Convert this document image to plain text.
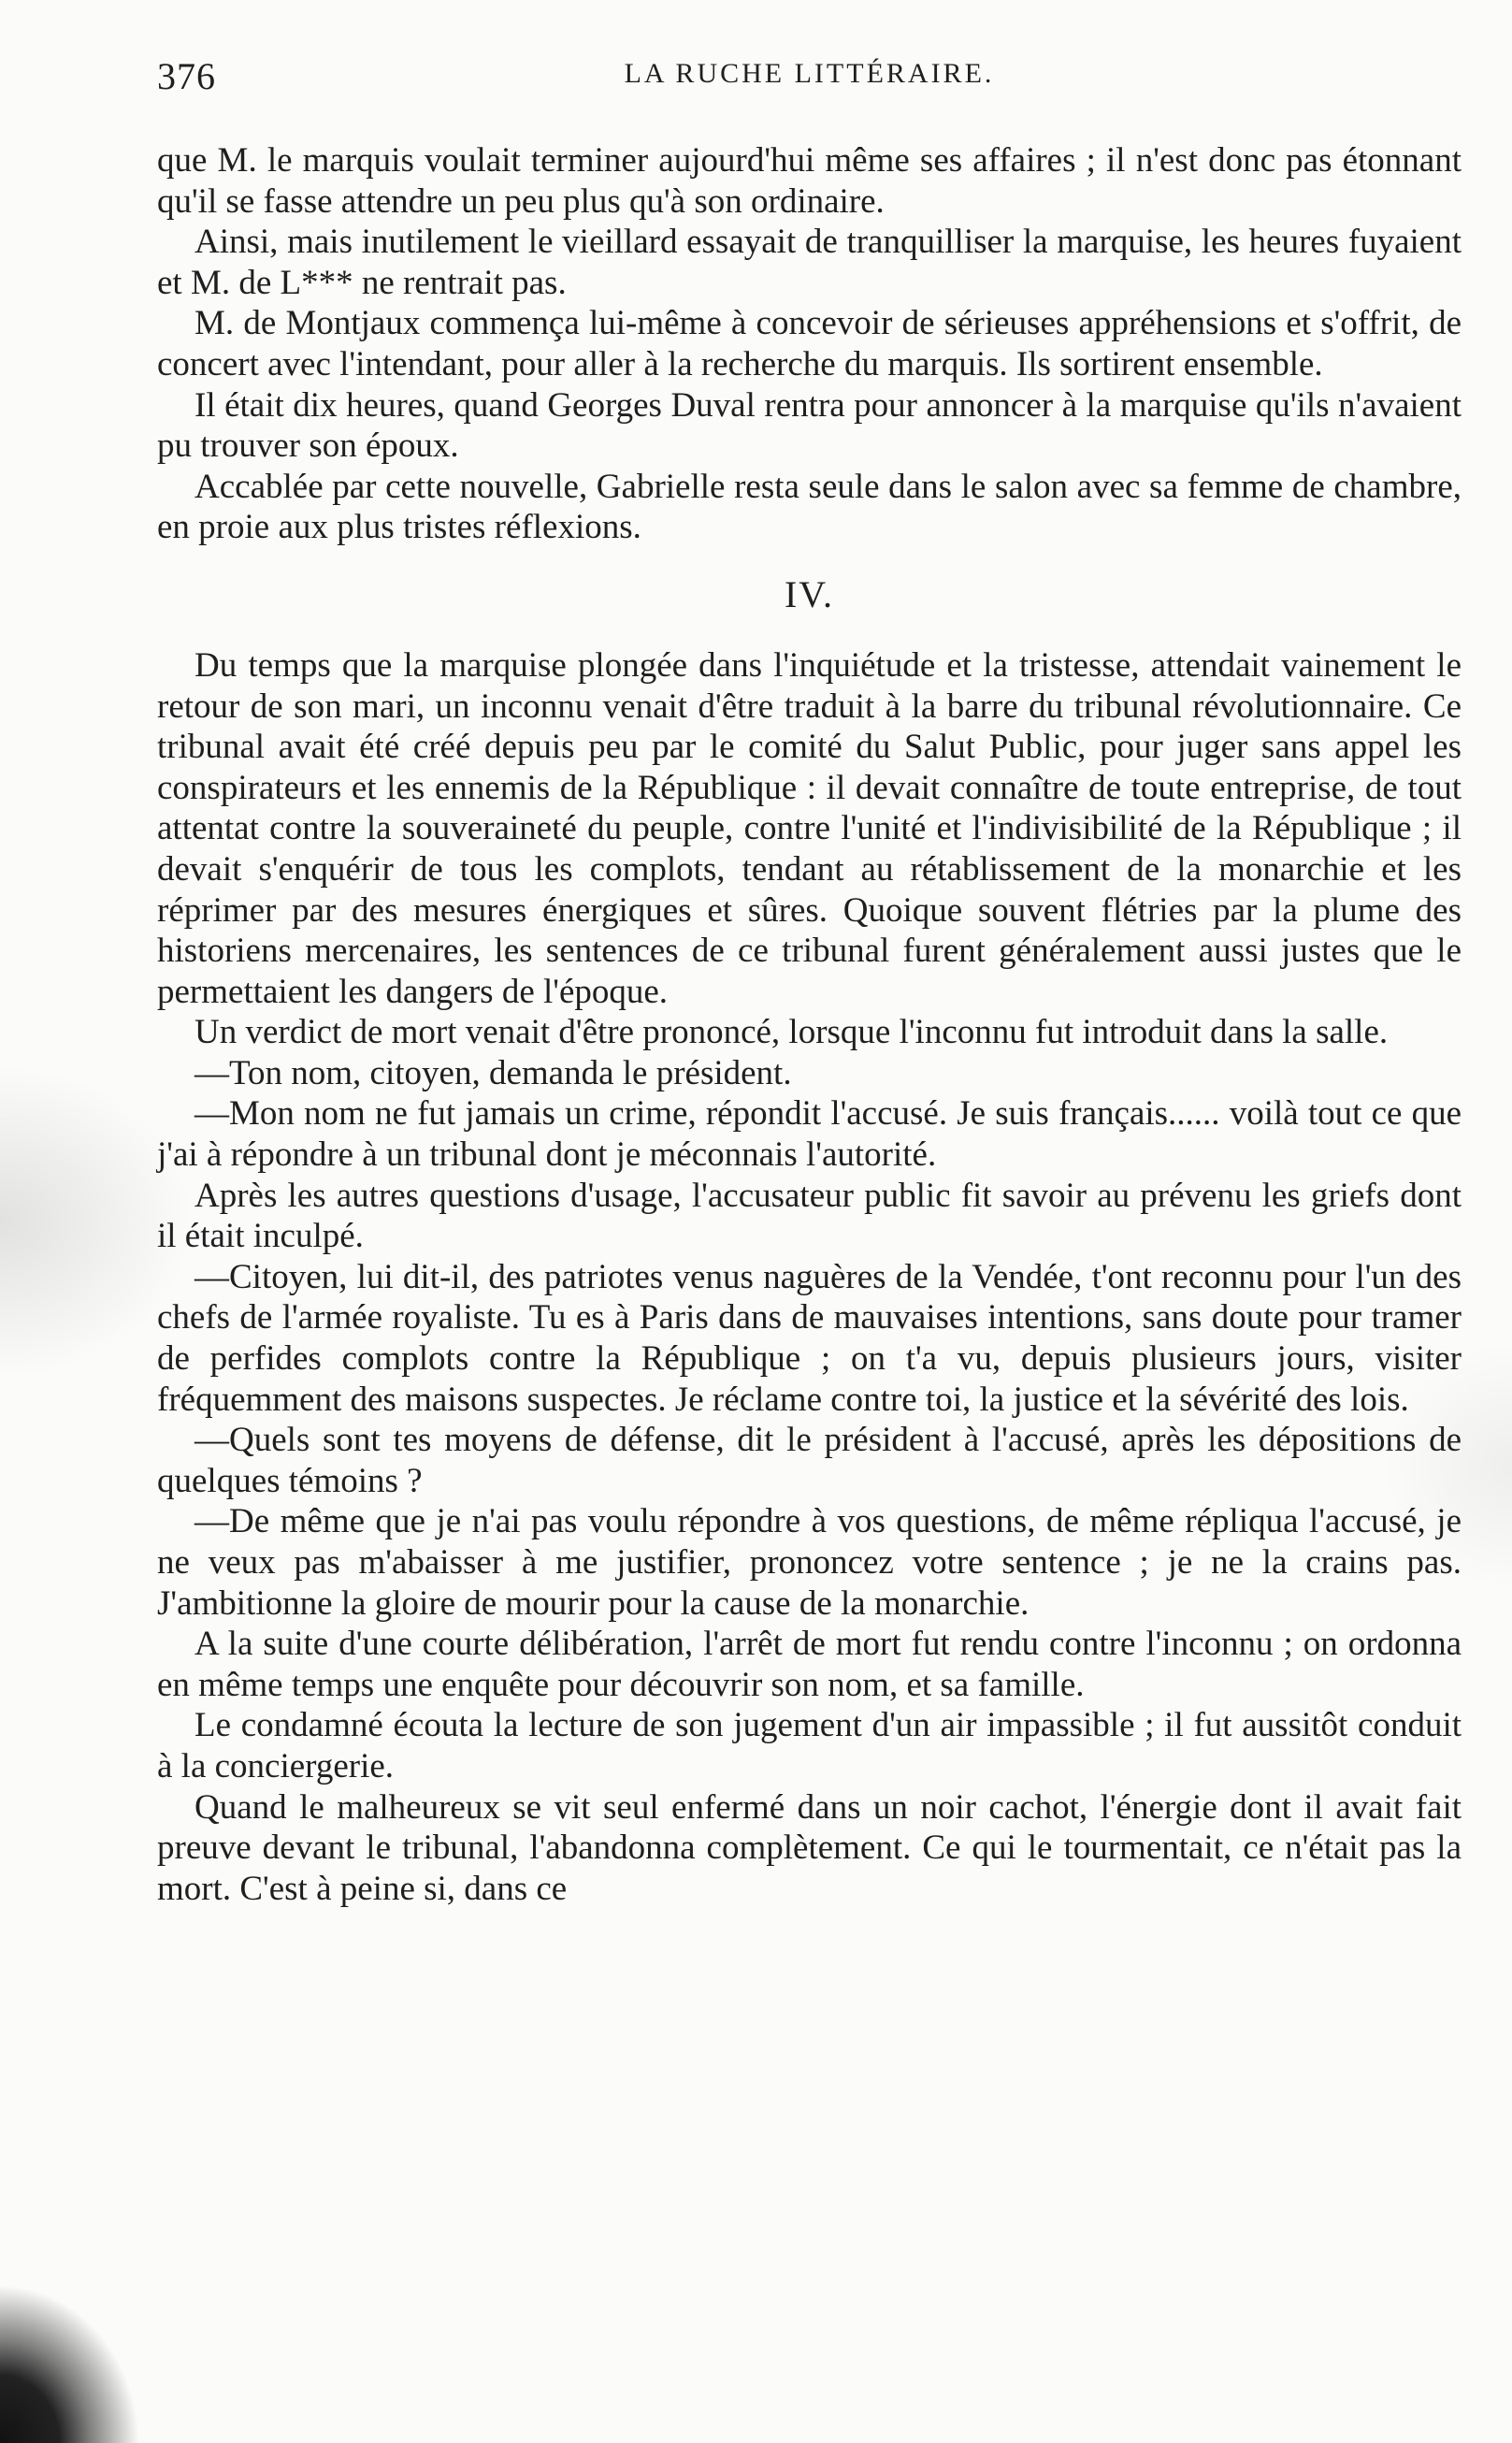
376	LA RUCHE LITTÉRAIRE.

que M. le marquis voulait terminer aujourd'hui même ses affaires ; il n'est donc pas étonnant qu'il se fasse attendre un peu plus qu'à son ordinaire.

Ainsi, mais inutilement le vieillard essayait de tranquilliser la marquise, les heures fuyaient et M. de L*** ne rentrait pas.

M. de Montjaux commença lui-même à concevoir de sérieuses appréhensions et s'offrit, de concert avec l'intendant, pour aller à la recherche du marquis. Ils sortirent ensemble.

Il était dix heures, quand Georges Duval rentra pour annoncer à la marquise qu'ils n'avaient pu trouver son époux.

Accablée par cette nouvelle, Gabrielle resta seule dans le salon avec sa femme de chambre, en proie aux plus tristes réflexions.

IV.

Du temps que la marquise plongée dans l'inquiétude et la tristesse, attendait vainement le retour de son mari, un inconnu venait d'être traduit à la barre du tribunal révolutionnaire. Ce tribunal avait été créé depuis peu par le comité du Salut Public, pour juger sans appel les conspirateurs et les ennemis de la République : il devait connaître de toute entreprise, de tout attentat contre la souveraineté du peuple, contre l'unité et l'indivisibilité de la République ; il devait s'enquérir de tous les complots, tendant au rétablissement de la monarchie et les réprimer par des mesures énergiques et sûres. Quoique souvent flétries par la plume des historiens mercenaires, les sentences de ce tribunal furent généralement aussi justes que le permettaient les dangers de l'époque.

Un verdict de mort venait d'être prononcé, lorsque l'inconnu fut introduit dans la salle.

—Ton nom, citoyen, demanda le président.

—Mon nom ne fut jamais un crime, répondit l'accusé. Je suis français...... voilà tout ce que j'ai à répondre à un tribunal dont je méconnais l'autorité.

Après les autres questions d'usage, l'accusateur public fit savoir au prévenu les griefs dont il était inculpé.

—Citoyen, lui dit-il, des patriotes venus naguères de la Vendée, t'ont reconnu pour l'un des chefs de l'armée royaliste. Tu es à Paris dans de mauvaises intentions, sans doute pour tramer de perfides complots contre la République ; on t'a vu, depuis plusieurs jours, visiter fréquemment des maisons suspectes. Je réclame contre toi, la justice et la sévérité des lois.

—Quels sont tes moyens de défense, dit le président à l'accusé, après les dépositions de quelques témoins ?

—De même que je n'ai pas voulu répondre à vos questions, de même répliqua l'accusé, je ne veux pas m'abaisser à me justifier, prononcez votre sentence ; je ne la crains pas. J'ambitionne la gloire de mourir pour la cause de la monarchie.

A la suite d'une courte délibération, l'arrêt de mort fut rendu contre l'inconnu ; on ordonna en même temps une enquête pour découvrir son nom, et sa famille.

Le condamné écouta la lecture de son jugement d'un air impassible ; il fut aussitôt conduit à la conciergerie.

Quand le malheureux se vit seul enfermé dans un noir cachot, l'énergie dont il avait fait preuve devant le tribunal, l'abandonna complètement. Ce qui le tourmentait, ce n'était pas la mort. C'est à peine si, dans ce
